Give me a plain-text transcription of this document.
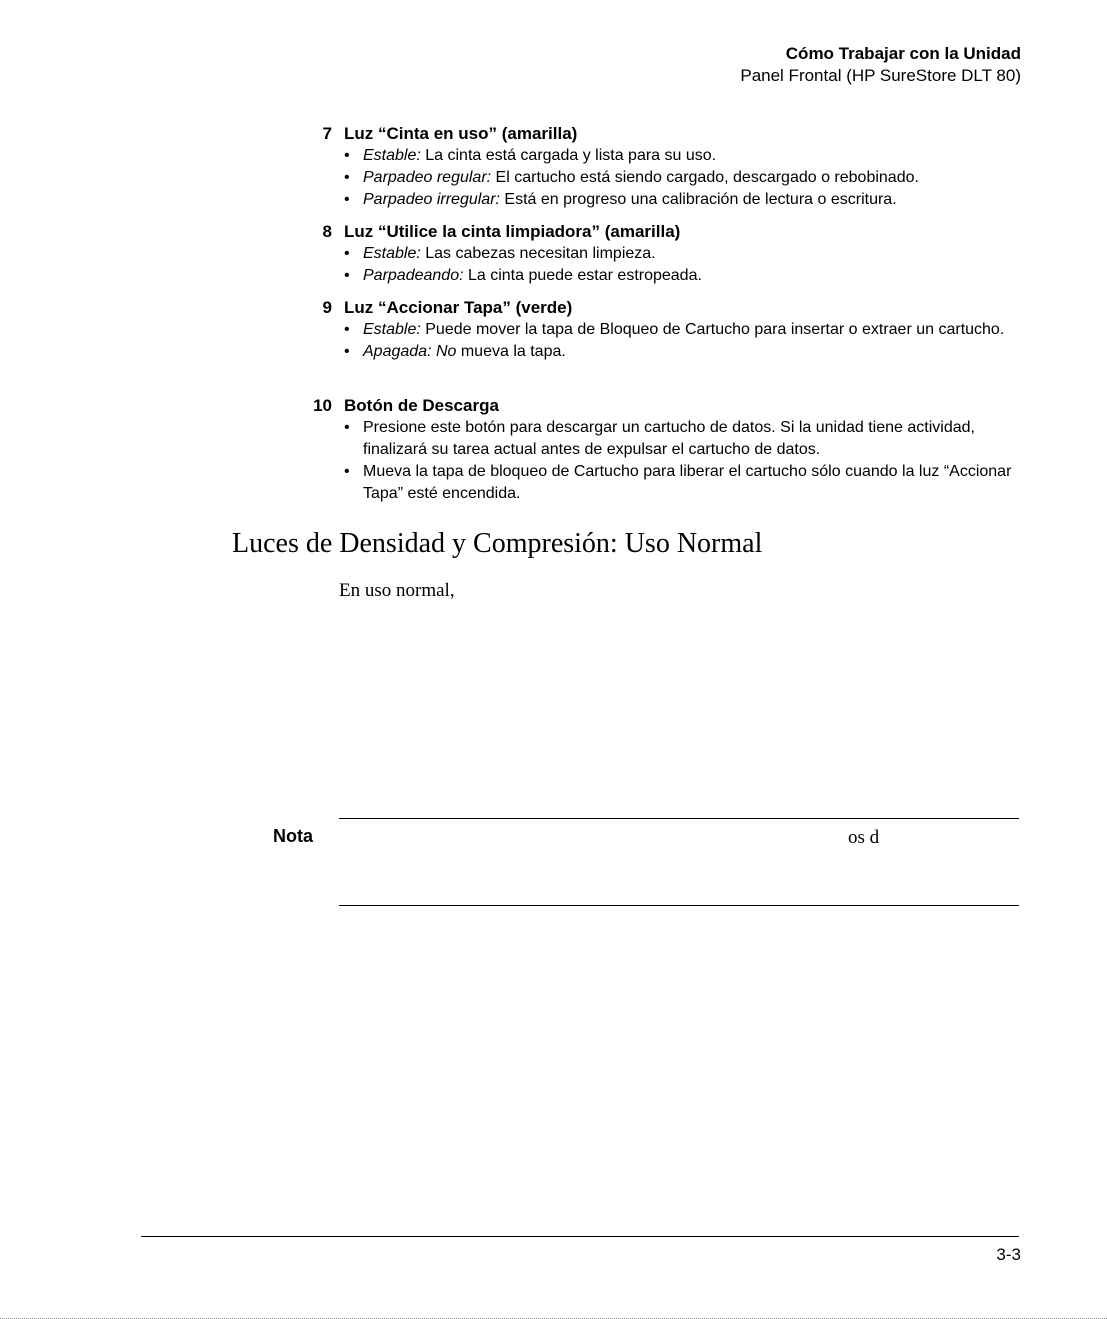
Cómo Trabajar con la Unidad
Panel Frontal (HP SureStore DLT 80)
7 Luz “Cinta en uso” (amarilla)
• Estable: La cinta está cargada y lista para su uso.
• Parpadeo regular: El cartucho está siendo cargado, descargado o rebobinado.
• Parpadeo irregular: Está en progreso una calibración de lectura o escritura.
8 Luz “Utilice la cinta limpiadora” (amarilla)
• Estable: Las cabezas necesitan limpieza.
• Parpadeando: La cinta puede estar estropeada.
9 Luz “Accionar Tapa” (verde)
• Estable: Puede mover la tapa de Bloqueo de Cartucho para insertar o extraer un cartucho.
• Apagada: No mueva la tapa.
10 Botón de Descarga
• Presione este botón para descargar un cartucho de datos. Si la unidad tiene actividad, finalizará su tarea actual antes de expulsar el cartucho de datos.
• Mueva la tapa de bloqueo de Cartucho para liberar el cartucho sólo cuando la luz “Accionar Tapa” esté encendida.
Luces de Densidad y Compresión: Uso Normal
En uso normal,
Nota	os d
3-3
